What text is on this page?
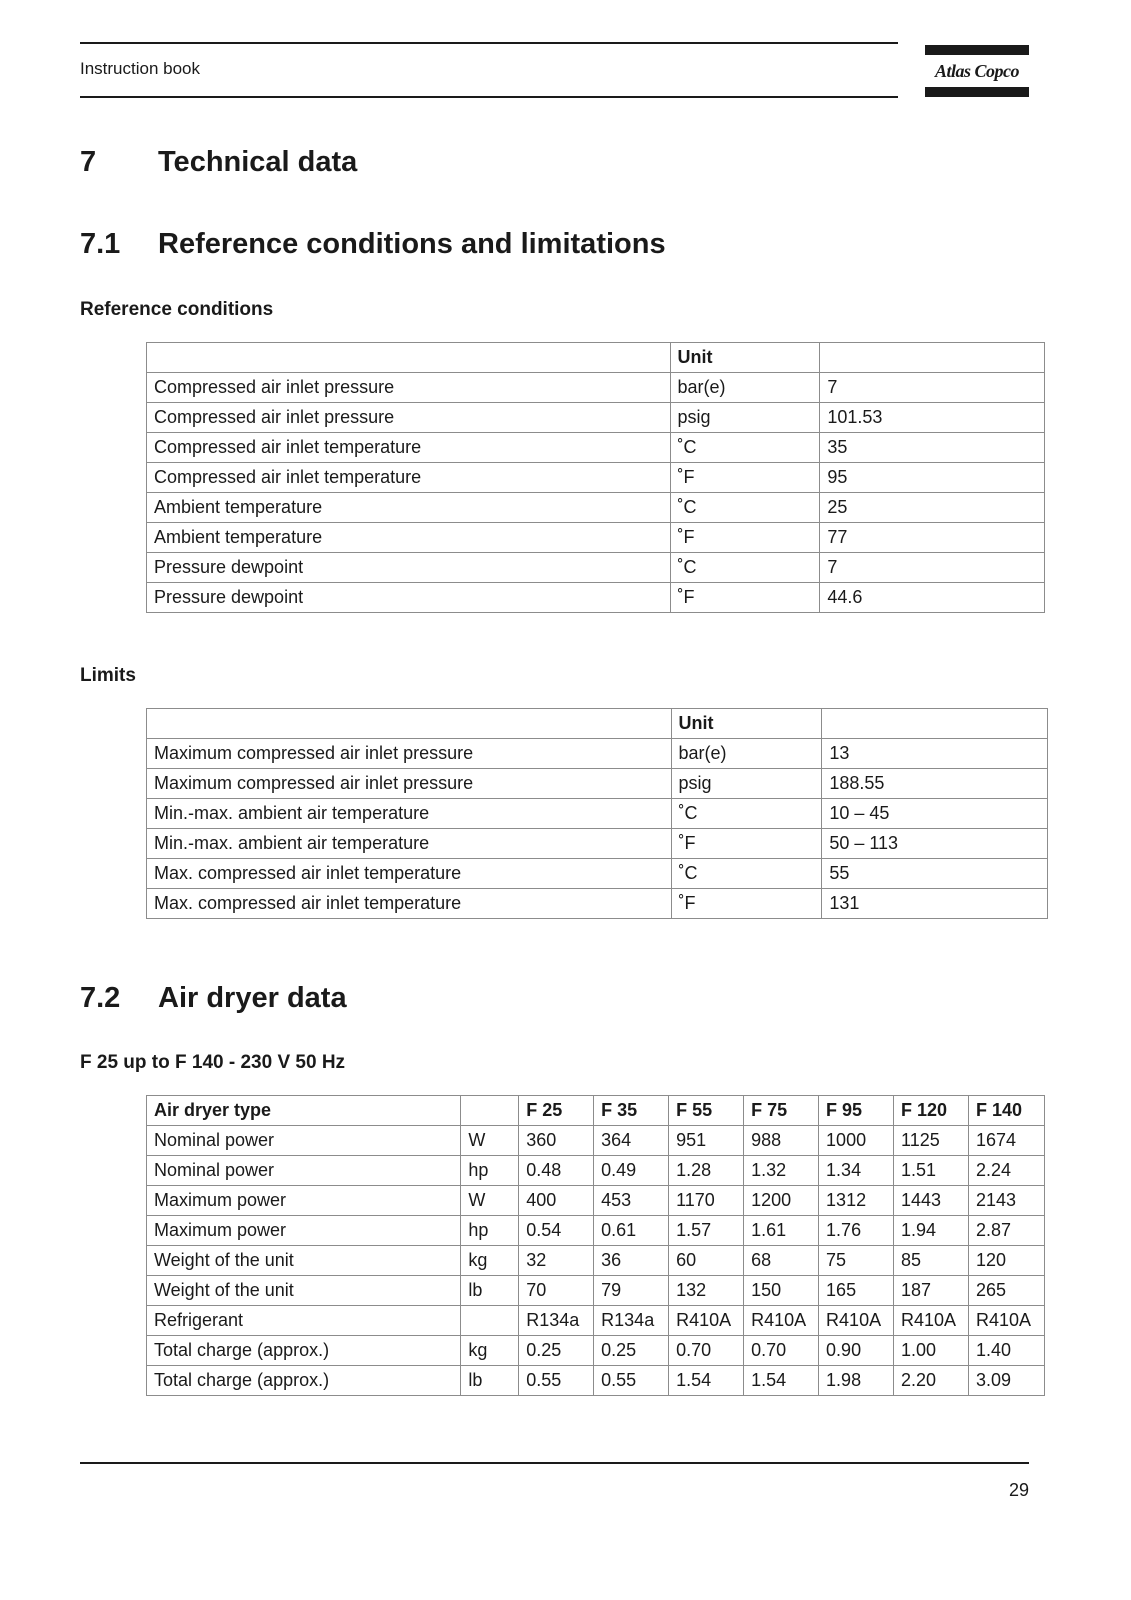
Instruction book	Atlas Copco
7 Technical data
7.1 Reference conditions and limitations
Reference conditions
	Unit	
Compressed air inlet pressure	bar(e)	7
Compressed air inlet pressure	psig	101.53
Compressed air inlet temperature	˚C	35
Compressed air inlet temperature	˚F	95
Ambient temperature	˚C	25
Ambient temperature	˚F	77
Pressure dewpoint	˚C	7
Pressure dewpoint	˚F	44.6
Limits
	Unit	
Maximum compressed air inlet pressure	bar(e)	13
Maximum compressed air inlet pressure	psig	188.55
Min.-max. ambient air temperature	˚C	10 – 45
Min.-max. ambient air temperature	˚F	50 – 113
Max. compressed air inlet temperature	˚C	55
Max. compressed air inlet temperature	˚F	131
7.2 Air dryer data
F 25 up to F 140 - 230 V 50 Hz
Air dryer type		F 25	F 35	F 55	F 75	F 95	F 120	F 140
Nominal power	W	360	364	951	988	1000	1125	1674
Nominal power	hp	0.48	0.49	1.28	1.32	1.34	1.51	2.24
Maximum power	W	400	453	1170	1200	1312	1443	2143
Maximum power	hp	0.54	0.61	1.57	1.61	1.76	1.94	2.87
Weight of the unit	kg	32	36	60	68	75	85	120
Weight of the unit	lb	70	79	132	150	165	187	265
Refrigerant		R134a	R134a	R410A	R410A	R410A	R410A	R410A
Total charge (approx.)	kg	0.25	0.25	0.70	0.70	0.90	1.00	1.40
Total charge (approx.)	lb	0.55	0.55	1.54	1.54	1.98	2.20	3.09
29
